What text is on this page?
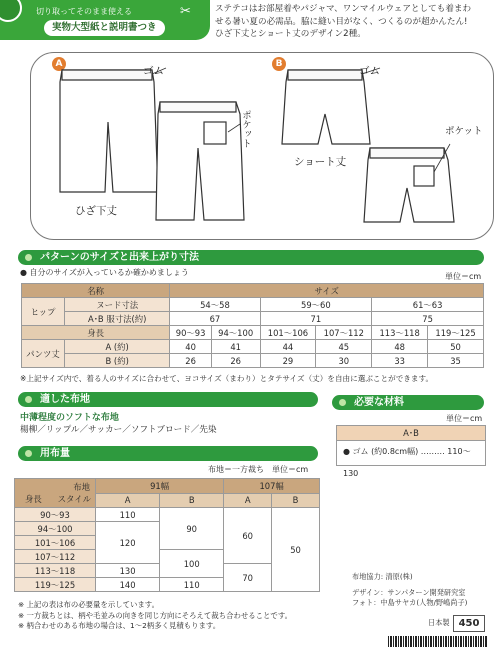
切り取ってそのまま使える
実物大型紙と説明書つき
✂	ステテコはお部屋着やパジャマ、ワンマイルウェアとしても着まわ
せる暑い夏の必需品。脇に縫い目がなく、つくるのが超かんたん!
ひざ下丈とショート丈のデザイン2種。
A	B
ゴム	ゴム
ポケット	ポケット
ひざ下丈
ショート丈
パターンのサイズと出来上がり寸法
● 自分のサイズが入っているか確かめましょう	単位＝cm
名称		サイズ					
ヒップ	ヌード寸法	54～58		59～60		61～63	
	A･B 服寸法(約)	67		71		75	
身長		90～93	94～100	101～106	107～112	113～118	119～125
パンツ丈	A (約)	40	41	44	45	48	50
	B (約)	26	26	29	30	33	35
※上記サイズ内で、着る人のサイズに合わせて、ヨコサイズ（まわり）とタテサイズ（丈）を自由に選ぶことができます。
適した布地
中薄程度のソフトな布地
楊柳／リップル／サッカー／ソフトブロード／先染
必要な材料
単位＝cm
A･B
● ゴム (約0.8cm幅) ……… 110～130
用布量
布地＝一方裁ち　単位＝cm
布地
身長 スタイル	91幅		107幅	
	A	B	A	B
90～93	110	90	60	50
94～100	120			
101～106				
107～112		100		
113～118	130		70	
119～125	140	110		
※ 上記の表は布の必要量を示しています。
※ 一方裁ちとは、柄や毛並みの向きを同じ方向にそろえて裁ち合わせることです。
※ 柄合わせのある布地の場合は、1～2柄多く見積もります。
布地協力: 清原(株)
デザイン：サンパターン開発研究室
フォト：中島サヤカ(人物/野嶋尚子)
日本製 450
